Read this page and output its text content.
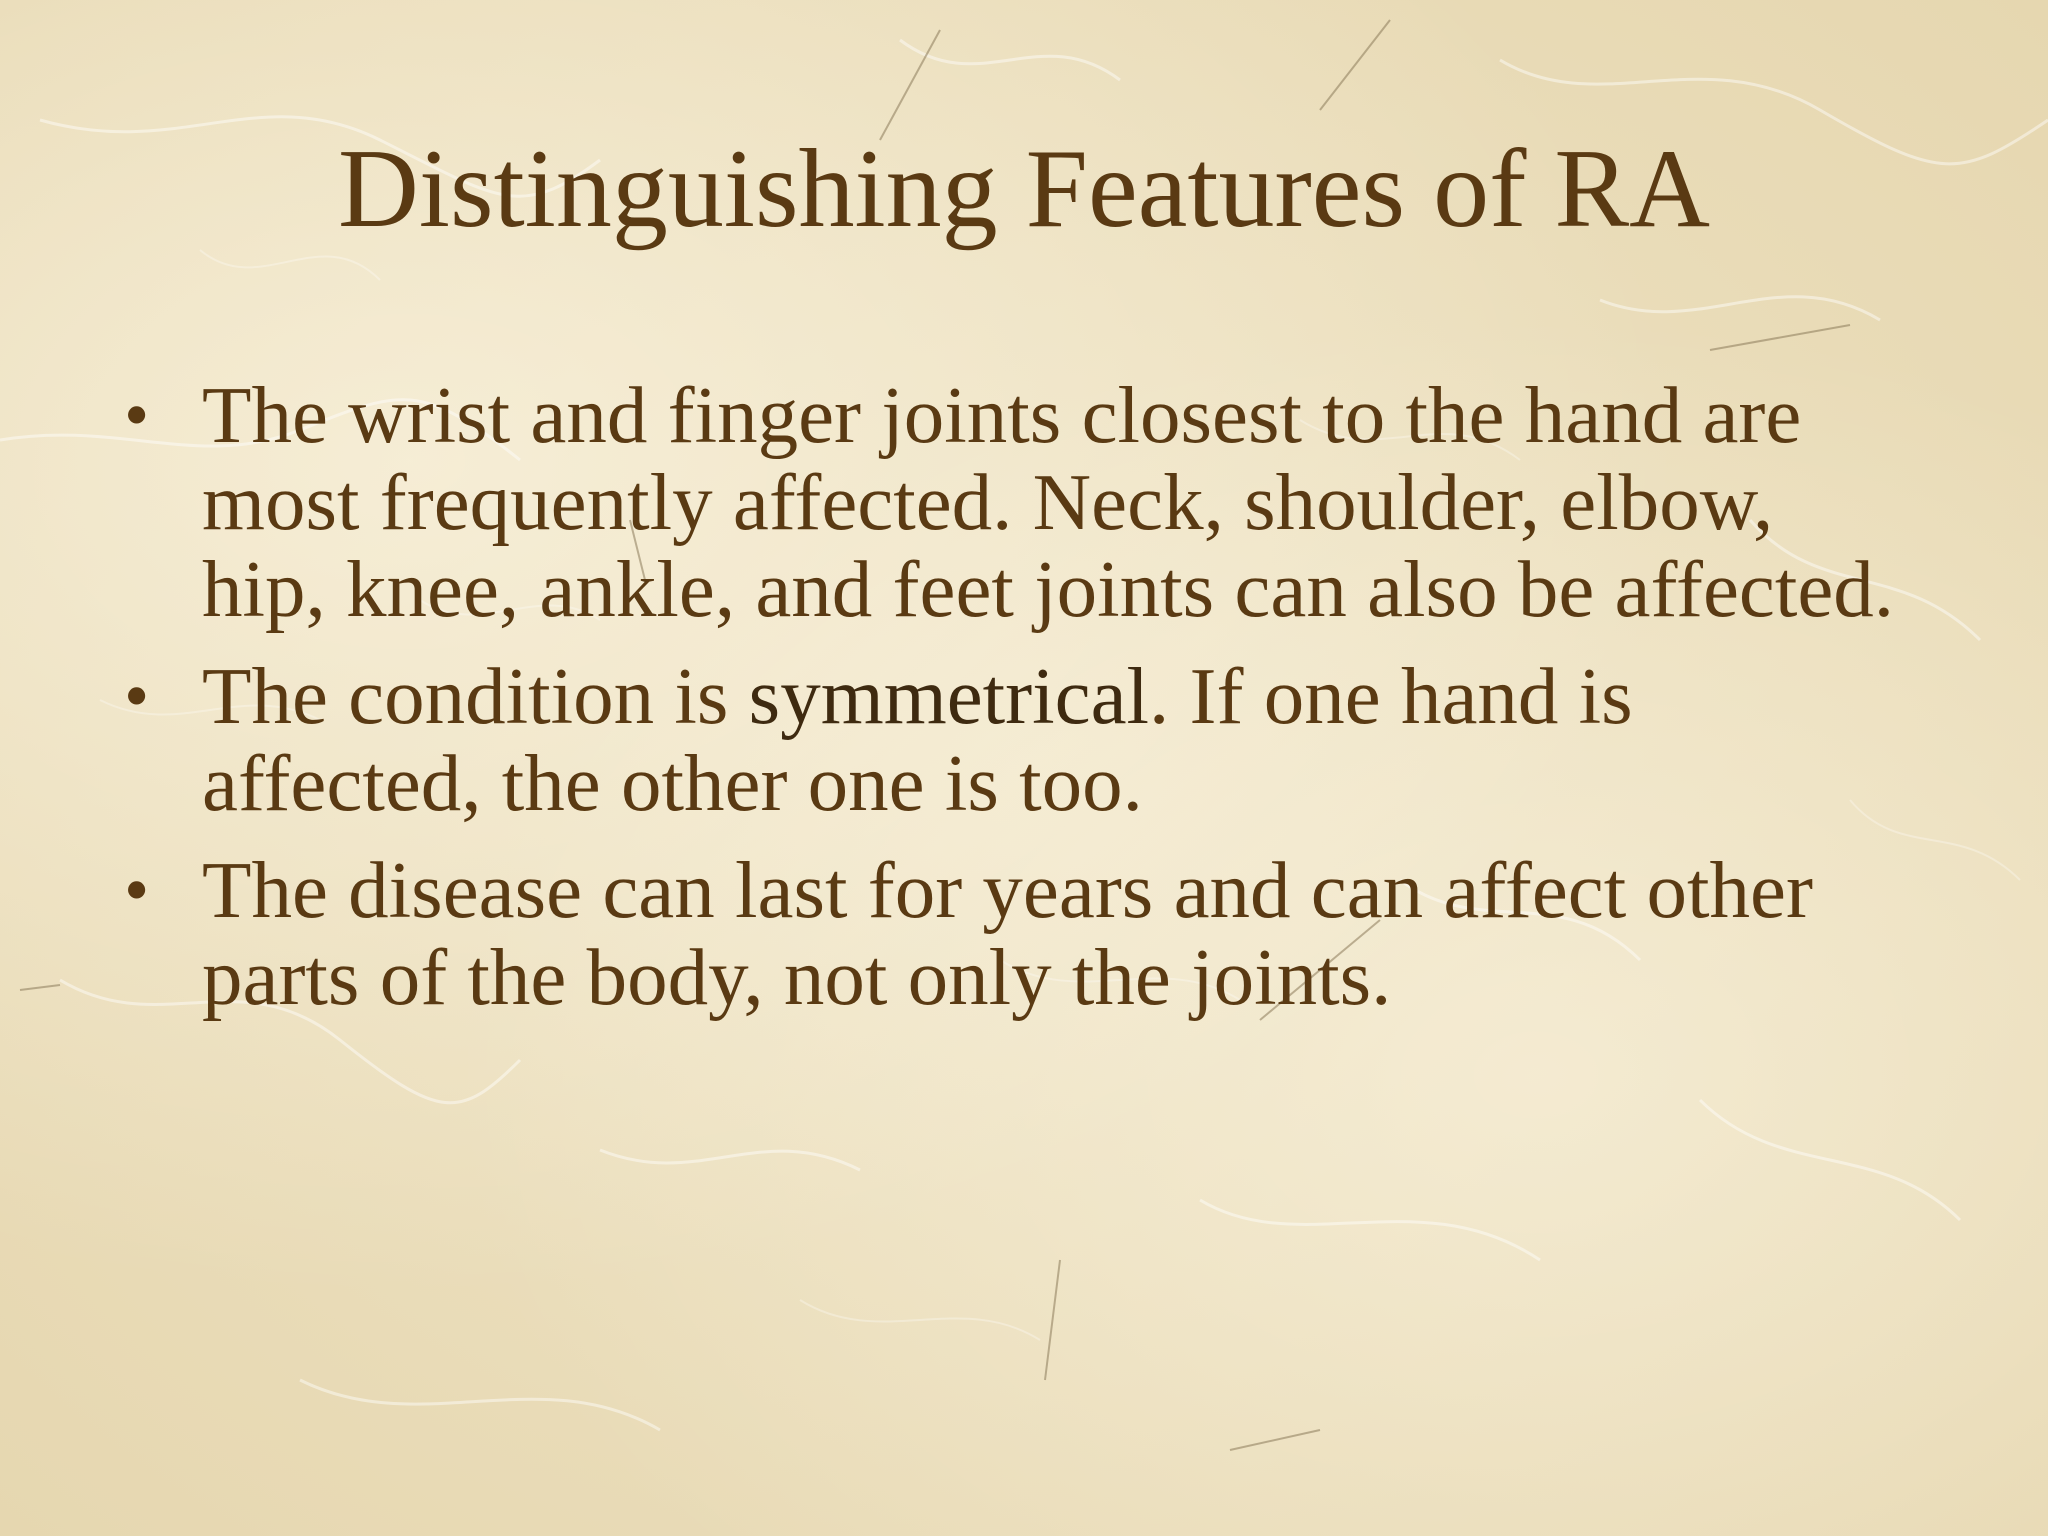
Distinguishing Features of RA
• The wrist and finger joints closest to the hand are most frequently affected. Neck, shoulder, elbow, hip, knee, ankle, and feet joints can also be affected.
• The condition is symmetrical. If one hand is affected, the other one is too.
• The disease can last for years and can affect other parts of the body, not only the joints.
